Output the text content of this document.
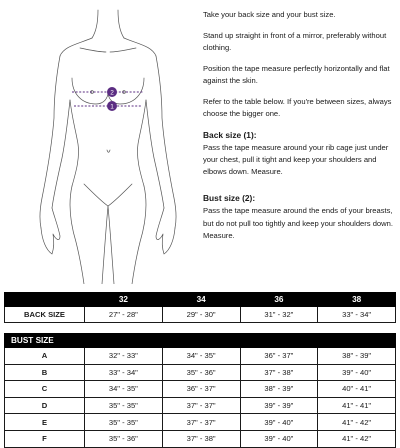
2
1

Take your back size and your bust size.

Stand up straight in front of a mirror, preferably without clothing.

Position the tape measure perfectly horizontally and flat against the skin.

Refer to the table below. If you're between sizes, always choose the bigger one.

Back size (1):

Pass the tape measure around your rib cage just under your chest, pull it tight and keep your shoulders and elbows down. Measure.

Bust size (2):

Pass the tape measure around the ends of your breasts, but do not pull too tightly and keep your shoulders down. Measure.

	32	34	36	38
BACK SIZE	27" - 28"	29" - 30"	31" - 32"	33" - 34"
BUST SIZE				
A	32" - 33"	34" - 35"	36" - 37"	38" - 39"
B	33" - 34"	35" - 36"	37" - 38"	39" - 40"
C	34" - 35"	36" - 37"	38" - 39"	40" - 41"
D	35" - 35"	37" - 37"	39" - 39"	41" - 41"
E	35" - 35"	37" - 37"	39" - 40"	41" - 42"
F	35" - 36"	37" - 38"	39" - 40"	41" - 42"
